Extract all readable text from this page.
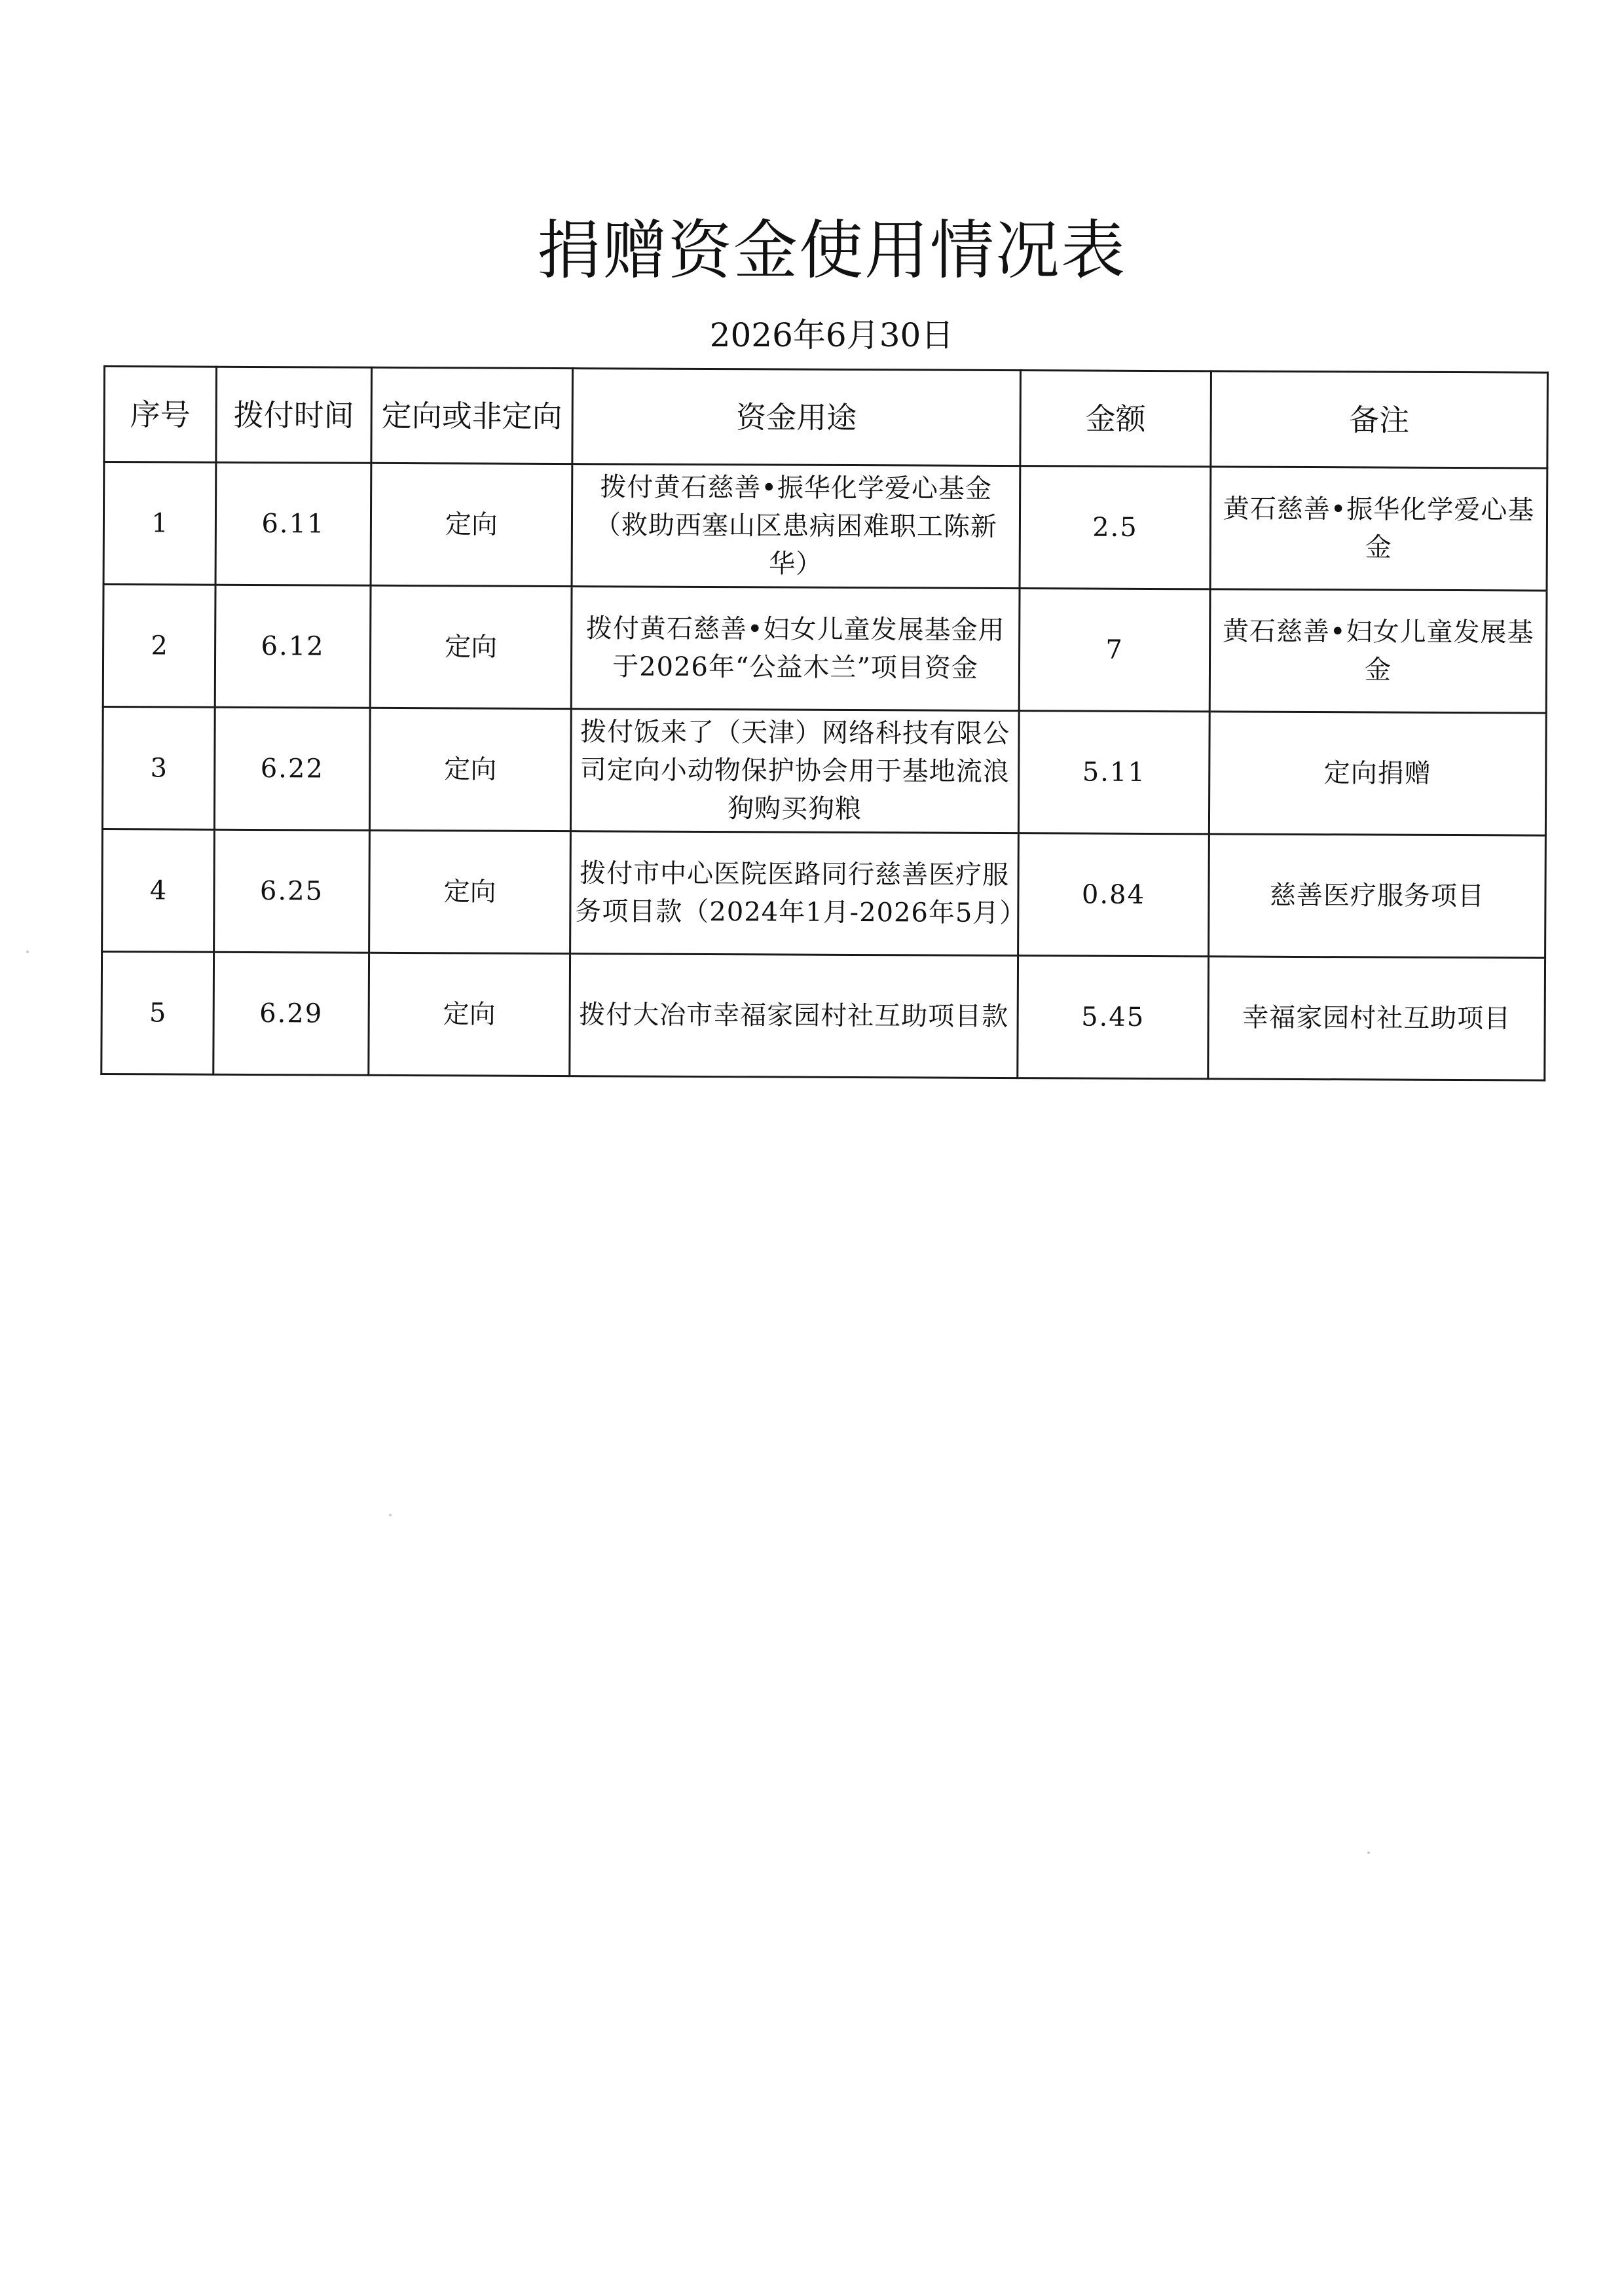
捐赠资金使用情况表
2026年6月30日
序号	拨付时间	定向或非定向	资金用途	金额	备注
1	6.11	定向	拨付黄石慈善•振华化学爱心基金（救助西塞山区患病困难职工陈新华）	2.5	黄石慈善•振华化学爱心基金
2	6.12	定向	拨付黄石慈善•妇女儿童发展基金用于2026年“公益木兰”项目资金	7	黄石慈善•妇女儿童发展基金
3	6.22	定向	拨付饭来了（天津）网络科技有限公司定向小动物保护协会用于基地流浪狗购买狗粮	5.11	定向捐赠
4	6.25	定向	拨付市中心医院医路同行慈善医疗服务项目款（2024年1月-2026年5月）	0.84	慈善医疗服务项目
5	6.29	定向	拨付大冶市幸福家园村社互助项目款	5.45	幸福家园村社互助项目
